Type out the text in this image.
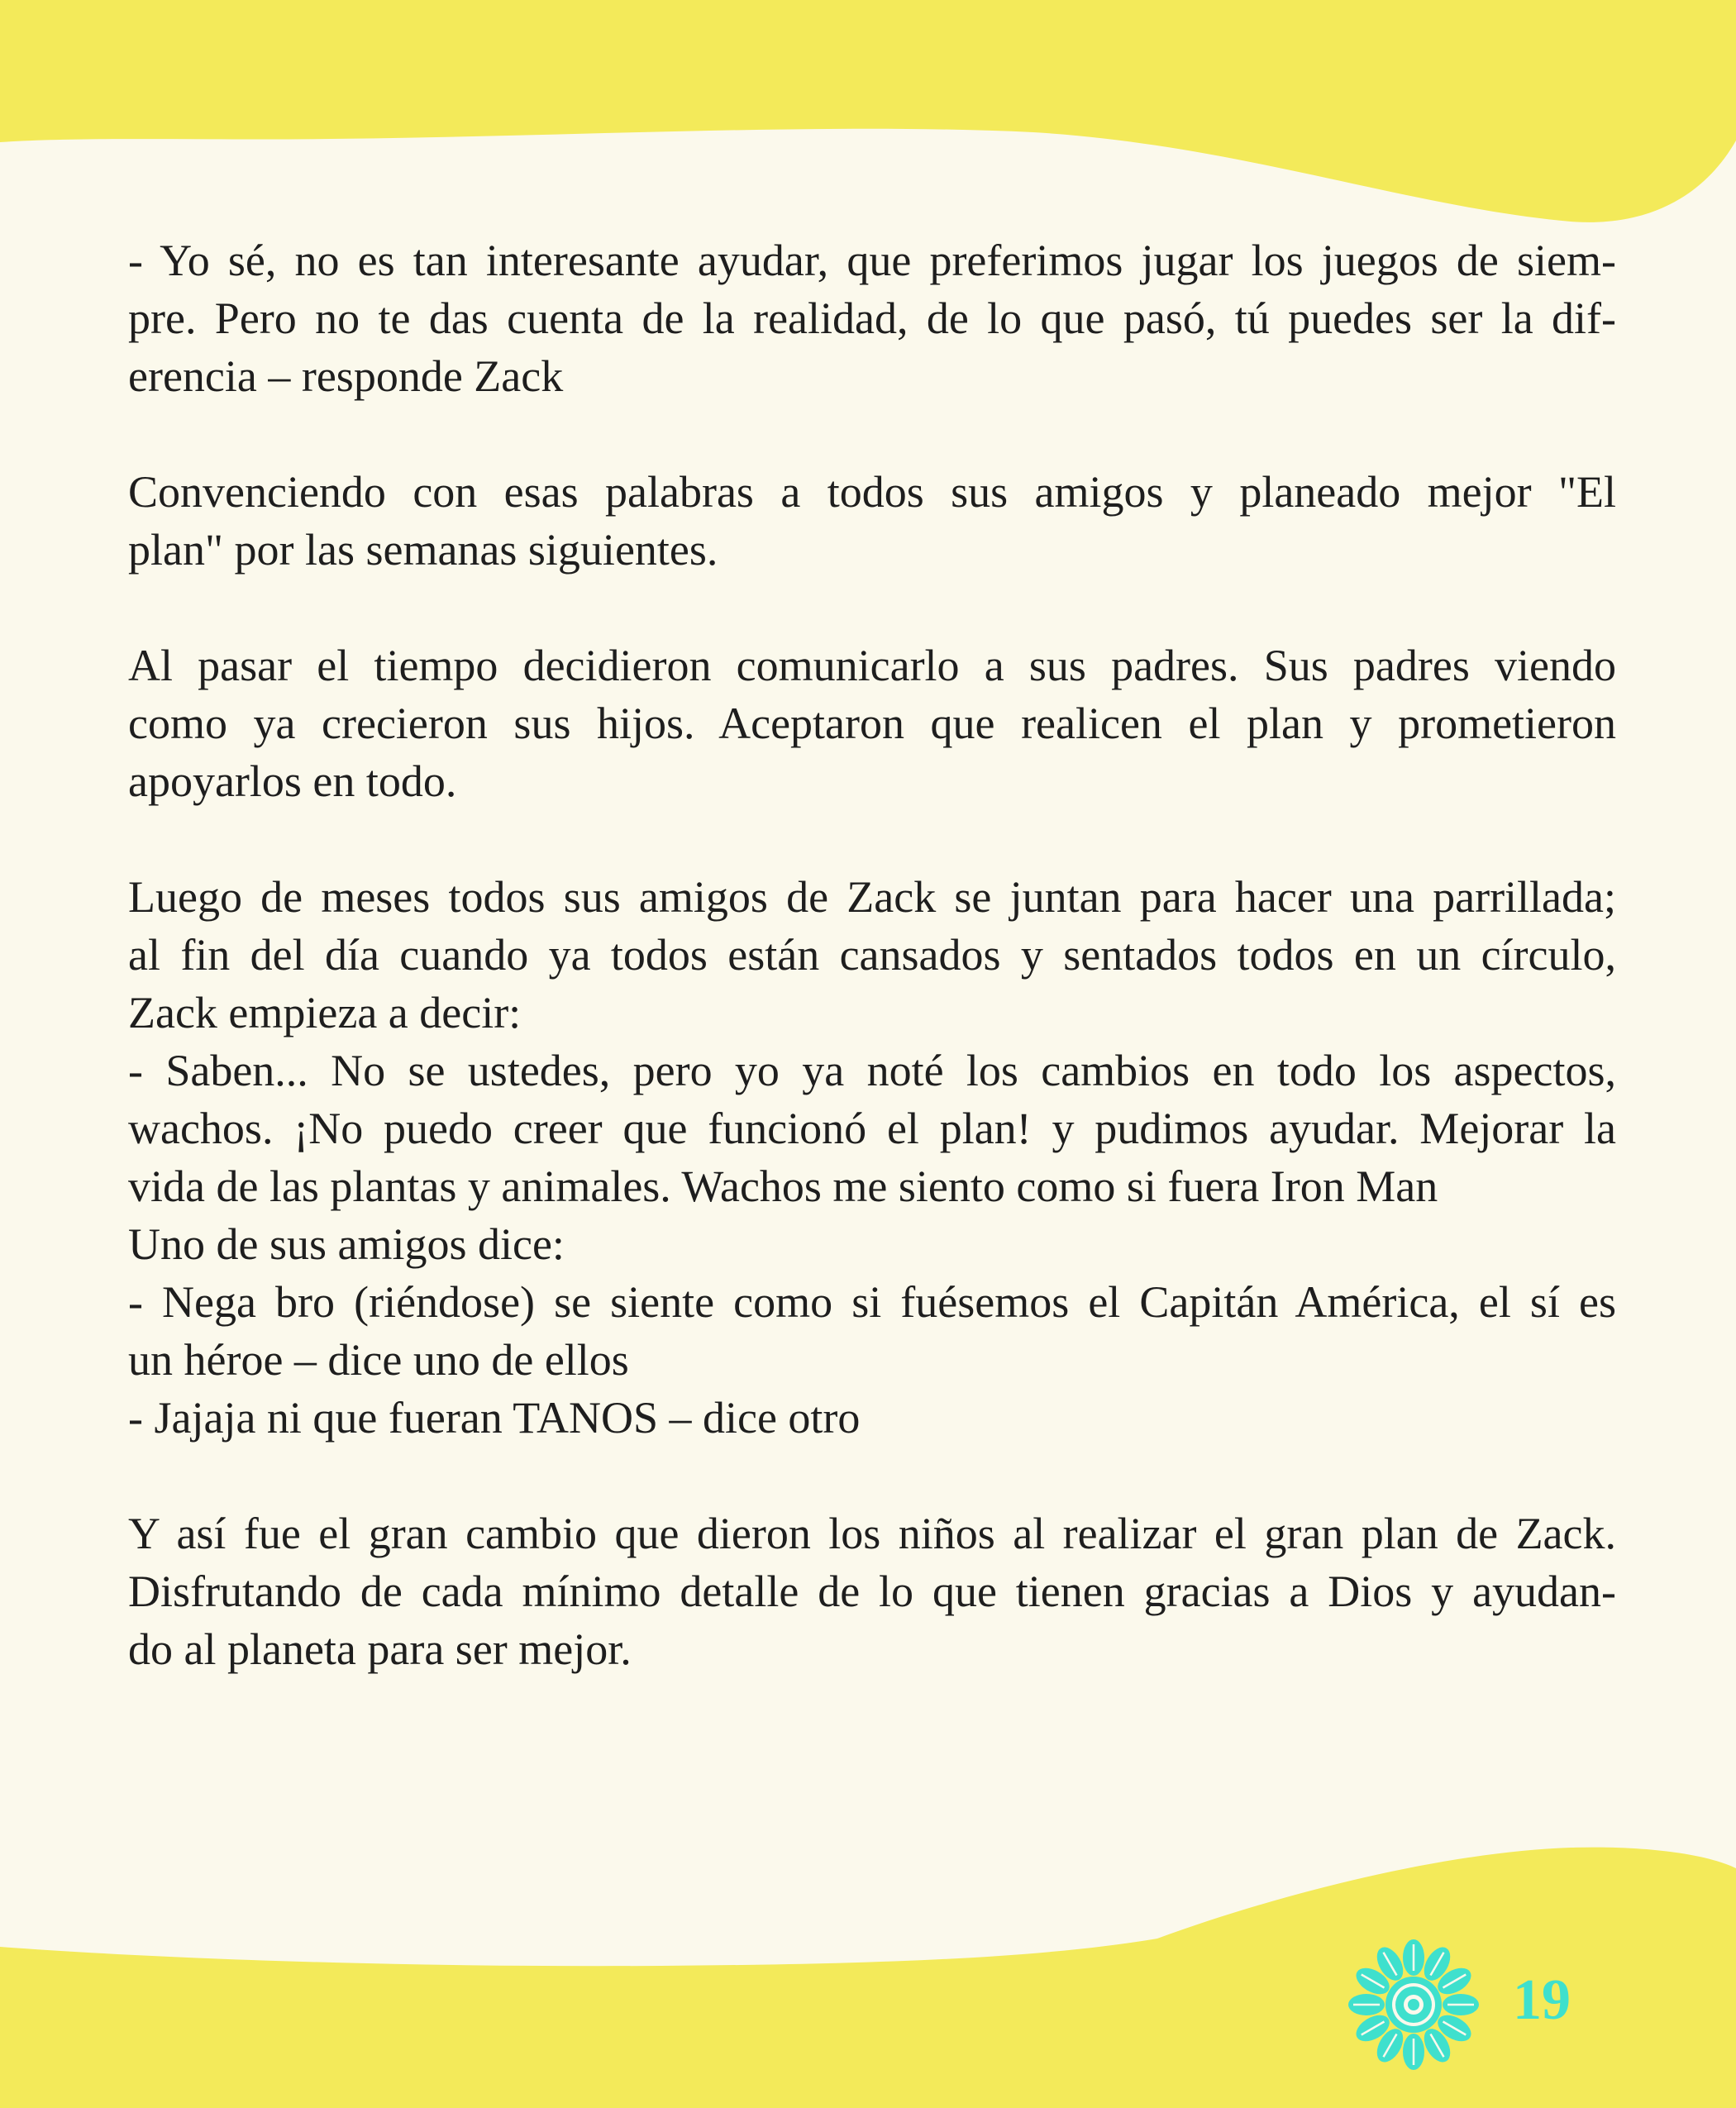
- Yo sé, no es tan interesante ayudar, que preferimos jugar los juegos de siem-
pre. Pero no te das cuenta de la realidad, de lo que pasó, tú puedes ser la dif-
erencia – responde Zack

Convenciendo con esas palabras a todos sus amigos y planeado mejor "El
plan" por las semanas siguientes.

Al pasar el tiempo decidieron comunicarlo a sus padres. Sus padres viendo
como ya crecieron sus hijos. Aceptaron que realicen el plan y prometieron
apoyarlos en todo.

Luego de meses todos sus amigos de Zack se juntan para hacer una parrillada;
al fin del día cuando ya todos están cansados y sentados todos en un círculo,
Zack empieza a decir:
- Saben... No se ustedes, pero yo ya noté los cambios en todo los aspectos,
wachos. ¡No puedo creer que funcionó el plan! y pudimos ayudar. Mejorar la
vida de las plantas y animales. Wachos me siento como si fuera Iron Man
Uno de sus amigos dice:
- Nega bro (riéndose) se siente como si fuésemos el Capitán América, el sí es
un héroe – dice uno de ellos
- Jajaja ni que fueran TANOS – dice otro

Y así fue el gran cambio que dieron los niños al realizar el gran plan de Zack.
Disfrutando de cada mínimo detalle de lo que tienen gracias a Dios y ayudan-
do al planeta para ser mejor.

19
